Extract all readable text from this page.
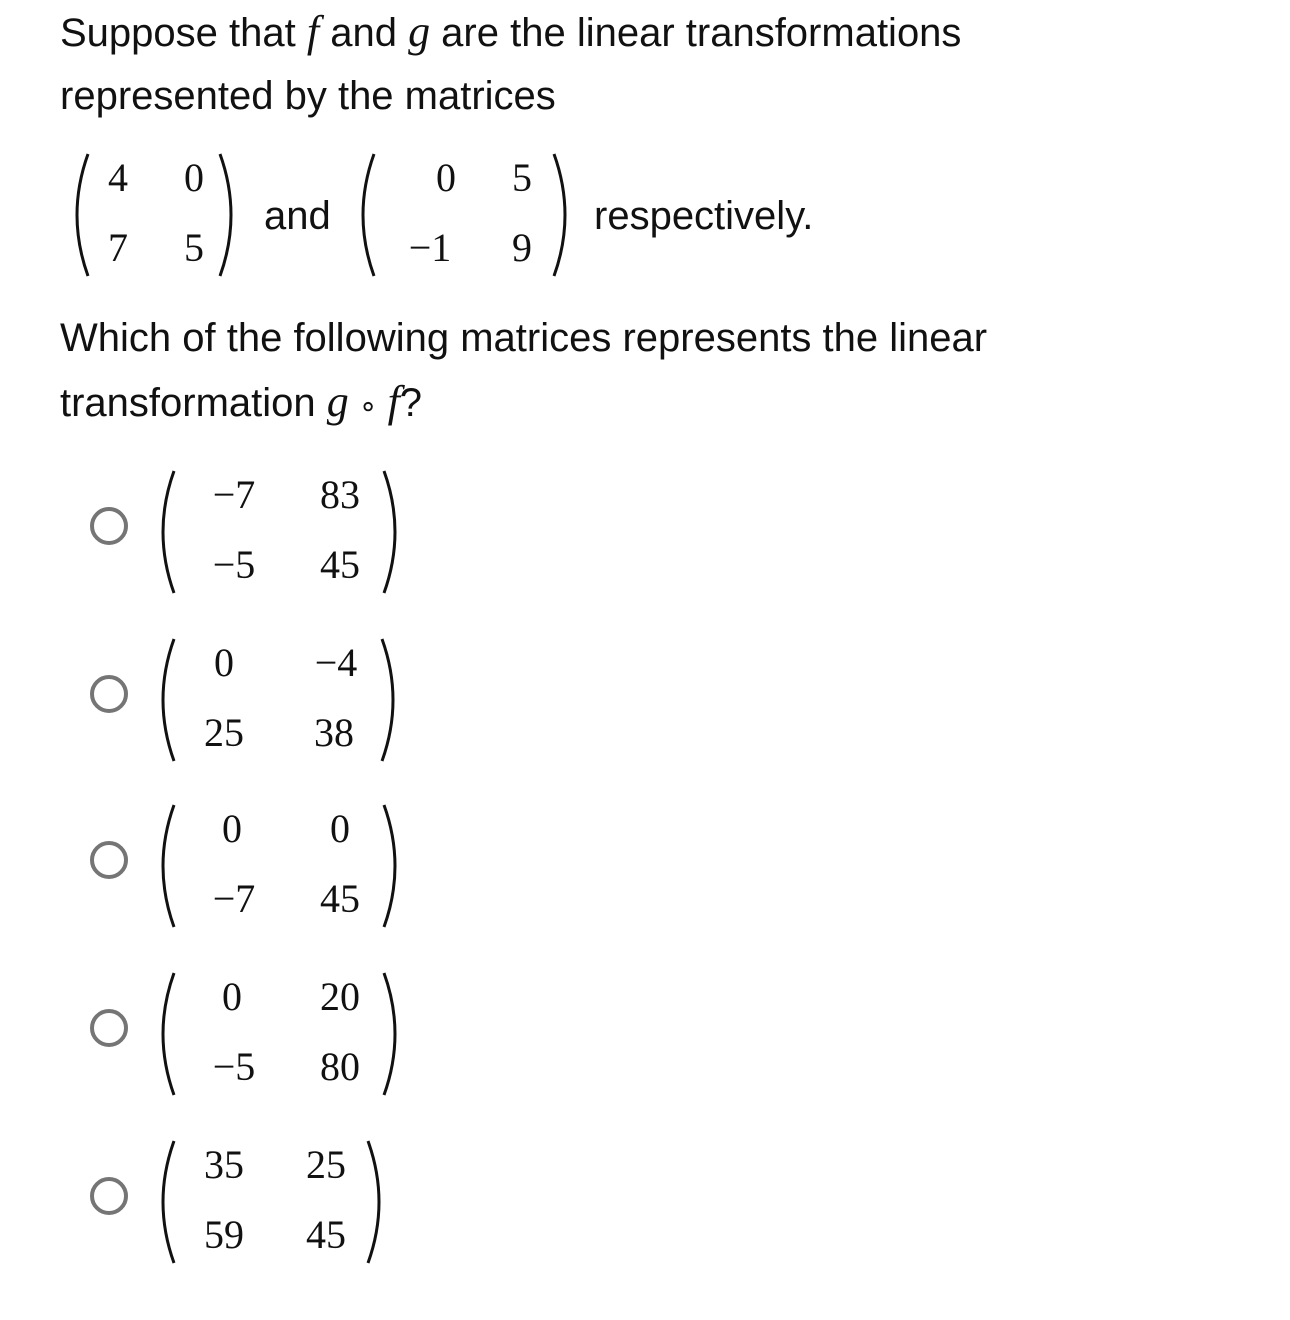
Suppose that f and g are the linear transformations
represented by the matrices
4	0
7	5
and
0	5
−1	9
respectively.
Which of the following matrices represents the linear
transformation g ∘ f?
−7 83
−5 45
0	−4
25 38
0	0
−7 45
0	20
−5 80
35 25
59 45
